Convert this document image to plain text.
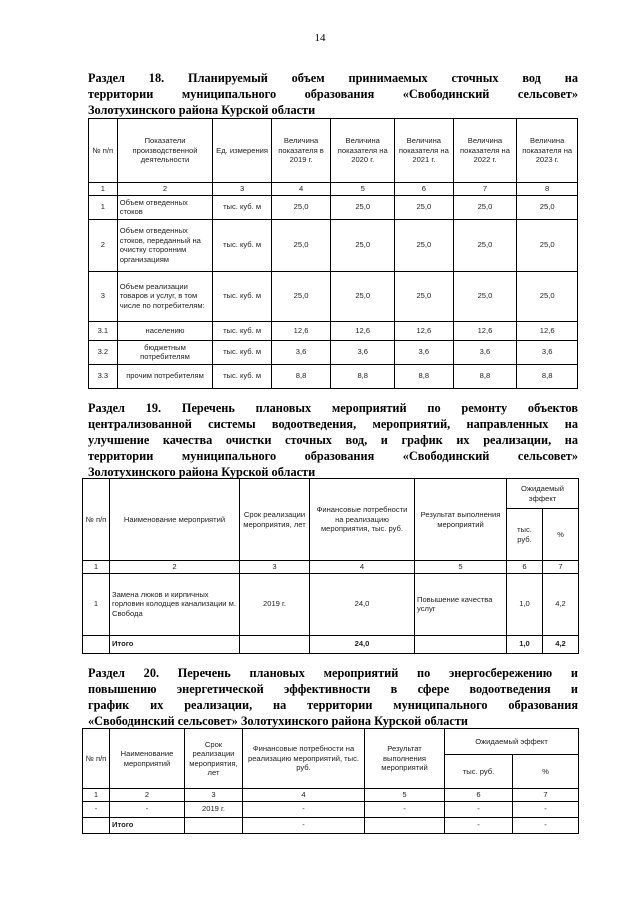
14
Раздел 18. Планируемый объем принимаемых сточных вод на
территории муниципального образования «Свободинский сельсовет»
Золотухинского района Курской области
№ п/п	Показатели производственной деятельности	Ед. измерения	Величина показателя в 2019 г.	Величина показателя на 2020 г.	Величина показателя на 2021 г.	Величина показателя на 2022 г.	Величина показателя на 2023 г.
1	2	3	4	5	6	7	8
1	Объем отведенных стоков	тыс. куб. м	25,0	25,0	25,0	25,0	25,0
2	Объем отведенных стоков, переданный на очистку сторонним организациям	тыс. куб. м	25,0	25,0	25,0	25,0	25,0
3	Объем реализации товаров и услуг, в том числе по потребителям:	тыс. куб. м	25,0	25,0	25,0	25,0	25,0
3.1	населению	тыс. куб. м	12,6	12,6	12,6	12,6	12,6
3.2	бюджетным потребителям	тыс. куб. м	3,6	3,6	3,6	3,6	3,6
3.3	прочим потребителям	тыс. куб. м	8,8	8,8	8,8	8,8	8,8
Раздел 19. Перечень плановых мероприятий по ремонту объектов
централизованной системы водоотведения, мероприятий, направленных на
улучшение качества очистки сточных вод, и график их реализации, на
территории муниципального образования «Свободинский сельсовет»
Золотухинского района Курской области
№ п/п	Наименование мероприятий	Срок реализации мероприятия, лет	Финансовые потребности на реализацию мероприятия, тыс. руб.	Результат выполнения мероприятий	Ожидаемый эффект	
					тыс. руб.	%
1	2	3	4	5	6	7
1	Замена люков и кирпичных горловин колодцев канализации м. Свобода	2019 г.	24,0	Повышение качества услуг	1,0	4,2
	Итого		24,0		1,0	4,2
Раздел 20. Перечень плановых мероприятий по энергосбережению и
повышению энергетической эффективности в сфере водоотведения и
график их реализации, на территории муниципального образования
«Свободинский сельсовет» Золотухинского района Курской области
№ п/п	Наименование мероприятий	Срок реализации мероприятия, лет	Финансовые потребности на реализацию мероприятий, тыс. руб.	Результат выполнения мероприятий	Ожидаемый эффект	
					тыс. руб.	%
1	2	3	4	5	6	7
-	-	2019 г.	-	-	-	-
	Итого		-		-	-
